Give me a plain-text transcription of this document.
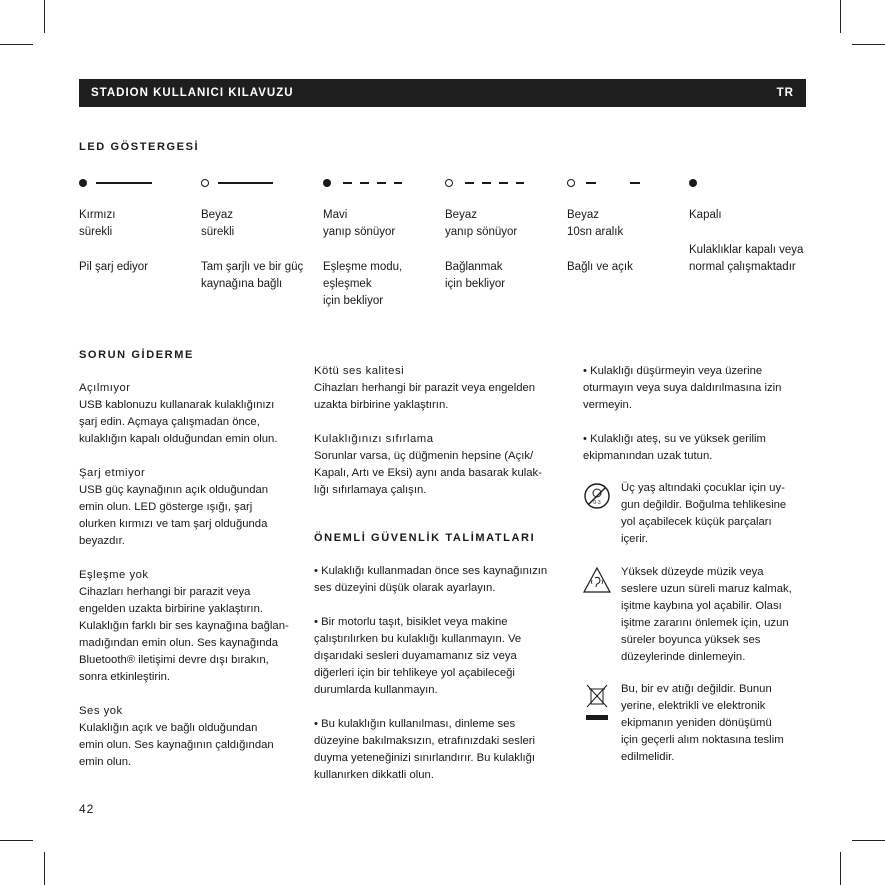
STADION KULLANICI KILAVUZU	TR
LED GÖSTERGESİ
Kırmızı
sürekli
Pil şarj ediyor
Beyaz
sürekli
Tam şarjlı ve bir güç
kaynağına bağlı
Mavi
yanıp sönüyor
Eşleşme modu,
eşleşmek
için bekliyor
Beyaz
yanıp sönüyor
Bağlanmak
için bekliyor
Beyaz
10sn aralık
Bağlı ve açık
Kapalı
Kulaklıklar kapalı veya
normal çalışmaktadır
SORUN GİDERME

Açılmıyor

USB kablonuzu kullanarak kulaklığınızı
şarj edin. Açmaya çalışmadan önce,
kulaklığın kapalı olduğundan emin olun.

Şarj etmiyor

USB güç kaynağının açık olduğundan
emin olun. LED gösterge ışığı, şarj
olurken kırmızı ve tam şarj olduğunda
beyazdır.

Eşleşme yok

Cihazları herhangi bir parazit veya
engelden uzakta birbirine yaklaştırın.
Kulaklığın farklı bir ses kaynağına bağlan-
madığından emin olun. Ses kaynağında
Bluetooth® iletişimi devre dışı bırakın,
sonra etkinleştirin.

Ses yok

Kulaklığın açık ve bağlı olduğundan
emin olun. Ses kaynağının çaldığından
emin olun.

Kötü ses kalitesi

Cihazları herhangi bir parazit veya engelden
uzakta birbirine yaklaştırın.

Kulaklığınızı sıfırlama

Sorunlar varsa, üç düğmenin hepsine (Açık/
Kapalı, Artı ve Eksi) aynı anda basarak kulak-
lığı sıfırlamaya çalışın.

ÖNEMLİ GÜVENLİK TALİMATLARI

• Kulaklığı kullanmadan önce ses kaynağınızın
ses düzeyini düşük olarak ayarlayın.

• Bir motorlu taşıt, bisiklet veya makine
çalıştırılırken bu kulaklığı kullanmayın. Ve
dışarıdaki sesleri duyamamanız siz veya
diğerleri için bir tehlikeye yol açabileceği
durumlarda kullanmayın.

• Bu kulaklığın kullanılması, dinleme ses
düzeyine bakılmaksızın, etrafınızdaki sesleri
duyma yeteneğinizi sınırlandırır. Bu kulaklığı
kullanırken dikkatli olun.

• Kulaklığı düşürmeyin veya üzerine
oturmayın veya suya daldırılmasına izin
vermeyin.

• Kulaklığı ateş, su ve yüksek gerilim
ekipmanından uzak tutun.

0-3

Üç yaş altındaki çocuklar için uy-
gun değildir. Boğulma tehlikesine
yol açabilecek küçük parçaları
içerir.

Yüksek düzeyde müzik veya
seslere uzun süreli maruz kalmak,
işitme kaybına yol açabilir. Olası
işitme zararını önlemek için, uzun
süreler boyunca yüksek ses
düzeylerinde dinlemeyin.

Bu, bir ev atığı değildir. Bunun
yerine, elektrikli ve elektronik
ekipmanın yeniden dönüşümü
için geçerli alım noktasına teslim
edilmelidir.

42
